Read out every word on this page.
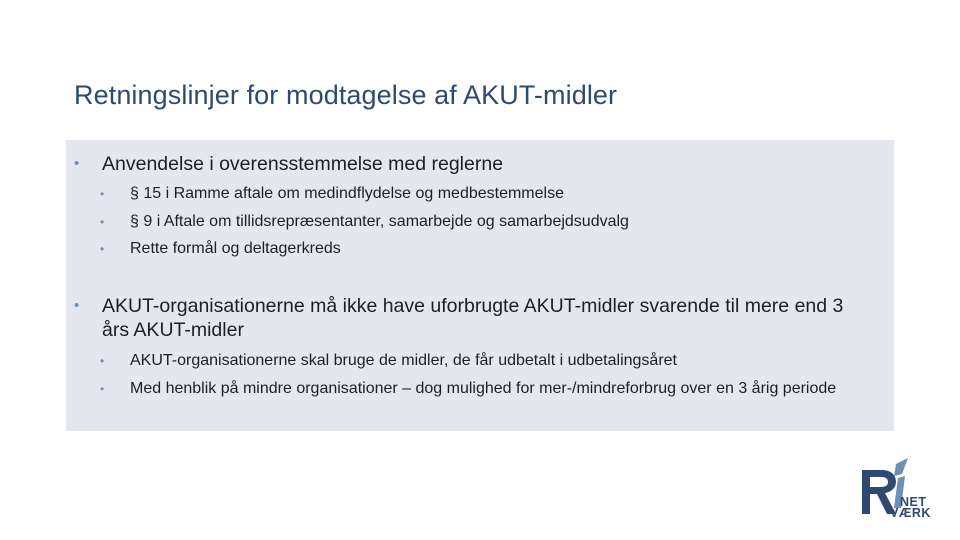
Retningslinjer for modtagelse af AKUT-midler
• Anvendelse i overensstemmelse med reglerne
• § 15 i Ramme aftale om medindflydelse og medbestemmelse
• § 9 i Aftale om tillidsrepræsentanter, samarbejde og samarbejdsudvalg
• Rette formål og deltagerkreds
• AKUT-organisationerne må ikke have uforbrugte AKUT-midler svarende til mere end 3 års AKUT-midler
• AKUT-organisationerne skal bruge de midler, de får udbetalt i udbetalingsåret
• Med henblik på mindre organisationer – dog mulighed for mer-/mindreforbrug over en 3 årig periode
NET
VÆRK
